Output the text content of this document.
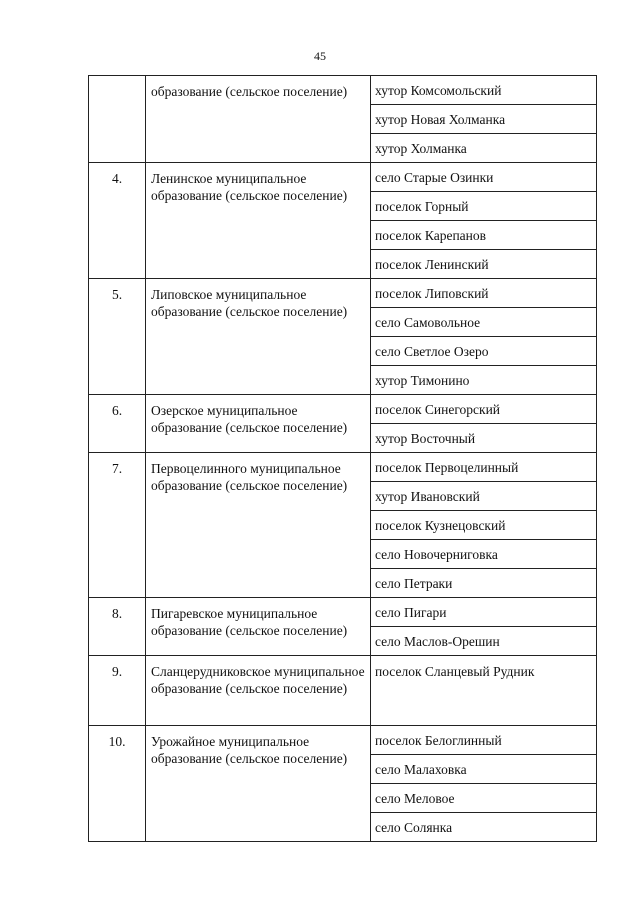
45
	образование (сельское поселение)	хутор Комсомольский
		хутор Новая Холманка
		хутор Холманка
4.	Ленинское муниципальное образование (сельское поселение)	село Старые Озинки
		поселок Горный
		поселок Карепанов
		поселок Ленинский
5.	Липовское муниципальное образование (сельское поселение)	поселок Липовский
		село Самовольное
		село Светлое Озеро
		хутор Тимонино
6.	Озерское муниципальное образование (сельское поселение)	поселок Синегорский
		хутор Восточный
7.	Первоцелинного муниципальное образование (сельское поселение)	поселок Первоцелинный
		хутор Ивановский
		поселок Кузнецовский
		село Новочерниговка
		село Петраки
8.	Пигаревское муниципальное образование (сельское поселение)	село Пигари
		село Маслов-Орешин
9.	Сланцерудниковское муниципальное образование (сельское поселение)	поселок Сланцевый Рудник
10.	Урожайное муниципальное образование (сельское поселение)	поселок Белоглинный
		село Малаховка
		село Меловое
		село Солянка
